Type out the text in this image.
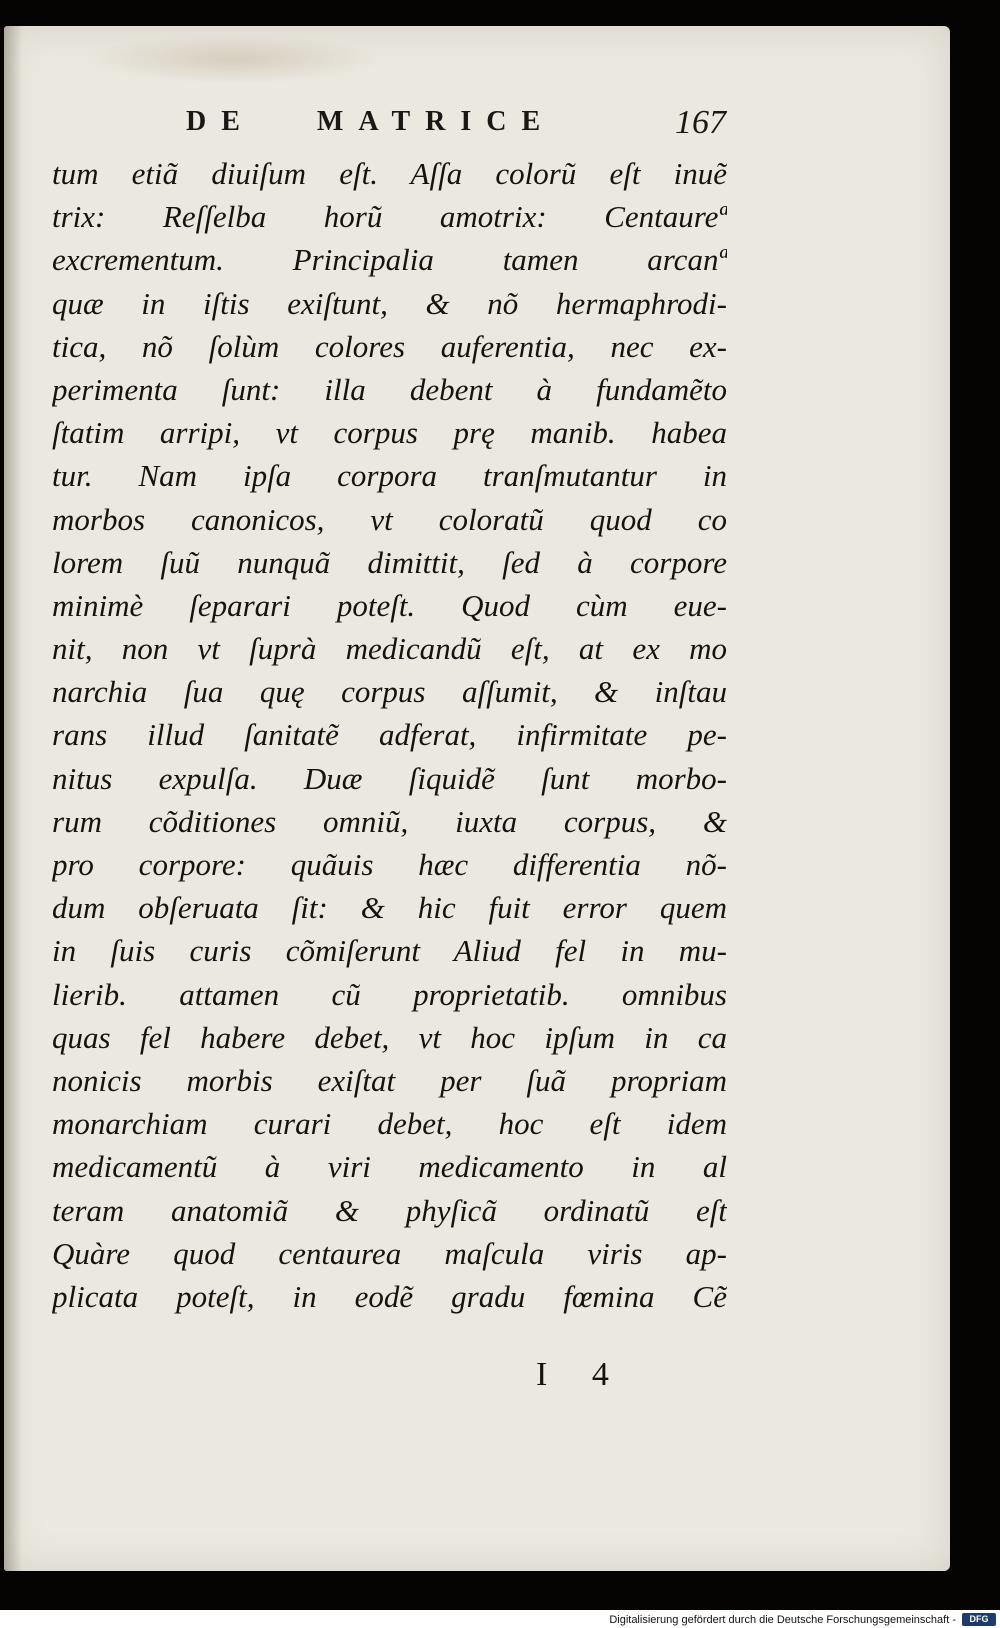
DE MATRICE	167
tum etiã diuiſum eſt. Aſſa colorũ eſt inuẽ
trix: Reſſelba horũ amotrix: Centaureª
excrementum. Principalia tamen arcanª
quæ in iſtis exiſtunt, & nõ hermaphrodi-
tica, nõ ſolùm colores auferentia, nec ex-
perimenta ſunt: illa debent à fundamẽto
ſtatim arripi, vt corpus prę manib. habea
tur. Nam ipſa corpora tranſmutantur in
morbos canonicos, vt coloratũ quod co
lorem ſuũ nunquã dimittit, ſed à corpore
minimè ſeparari poteſt. Quod cùm eue-
nit, non vt ſuprà medicandũ eſt, at ex mo
narchia ſua quę corpus aſſumit, & inſtau
rans illud ſanitatẽ adferat, infirmitate pe-
nitus expulſa. Duæ ſiquidẽ ſunt morbo-
rum cõditiones omniũ, iuxta corpus, &
pro corpore: quãuis hæc differentia nõ-
dum obſeruata ſit: & hic fuit error quem
in ſuis curis cõmiſerunt Aliud fel in mu-
lierib. attamen cũ proprietatib. omnibus
quas fel habere debet, vt hoc ipſum in ca
nonicis morbis exiſtat per ſuã propriam
monarchiam curari debet, hoc eſt idem
medicamentũ à viri medicamento in al
teram anatomiã & phyſicã ordinatũ eſt
Quàre quod centaurea maſcula viris ap-
plicata poteſt, in eodẽ gradu fœmina Cẽ
I 4
Digitalisierung gefördert durch die Deutsche Forschungsgemeinschaft -	DFG
